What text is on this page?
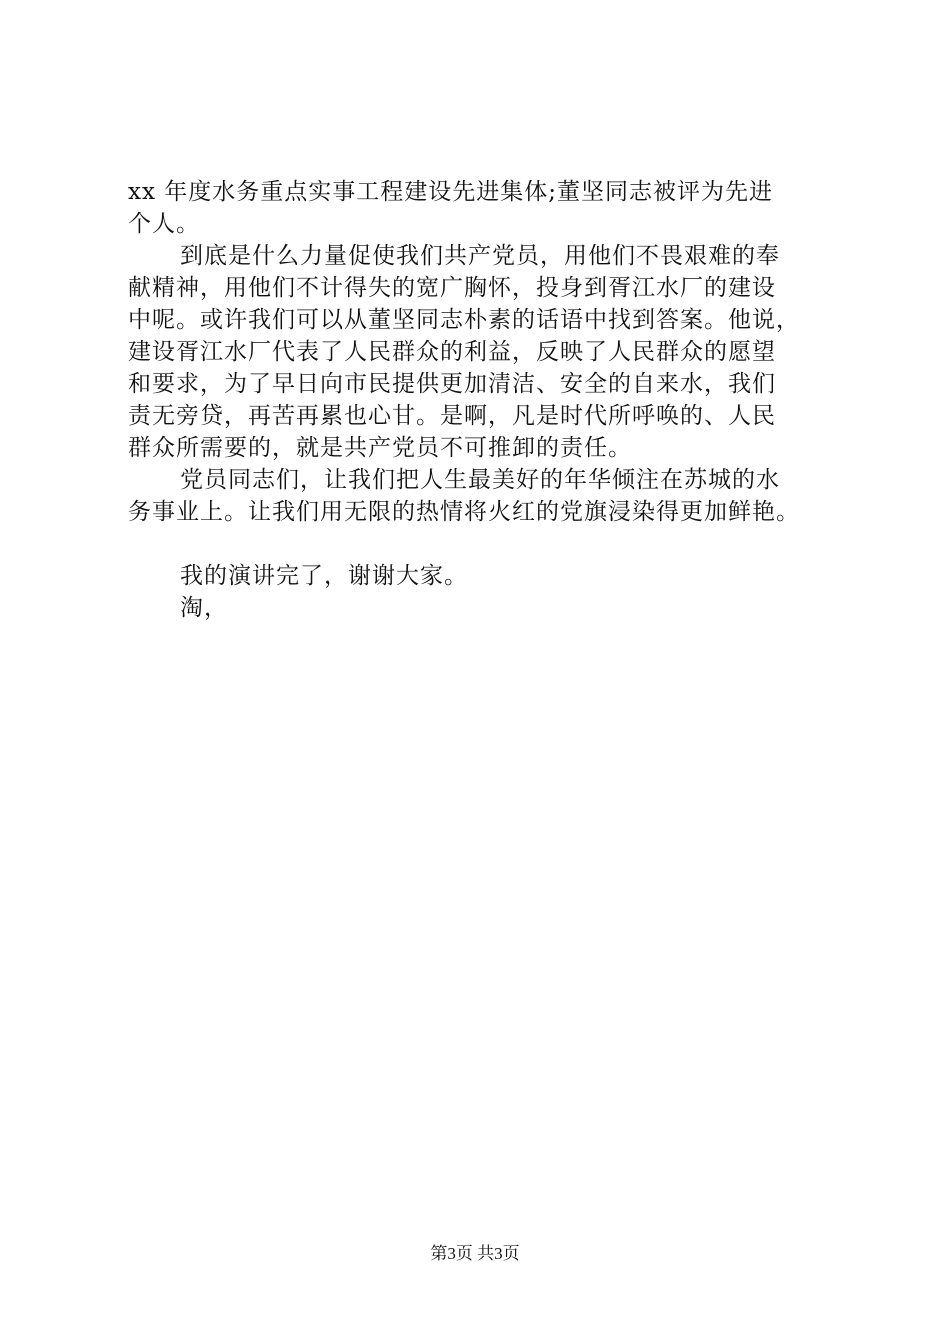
xx 年度水务重点实事工程建设先进集体;董坚同志被评为先进
个人。
到底是什么力量促使我们共产党员，用他们不畏艰难的奉
献精神，用他们不计得失的宽广胸怀，投身到胥江水厂的建设
中呢。或许我们可以从董坚同志朴素的话语中找到答案。他说，
建设胥江水厂代表了人民群众的利益，反映了人民群众的愿望
和要求，为了早日向市民提供更加清洁、安全的自来水，我们
责无旁贷，再苦再累也心甘。是啊，凡是时代所呼唤的、人民
群众所需要的，就是共产党员不可推卸的责任。
党员同志们，让我们把人生最美好的年华倾注在苏城的水
务事业上。让我们用无限的热情将火红的党旗浸染得更加鲜艳。
我的演讲完了，谢谢大家。
淘，
第3页 共3页
